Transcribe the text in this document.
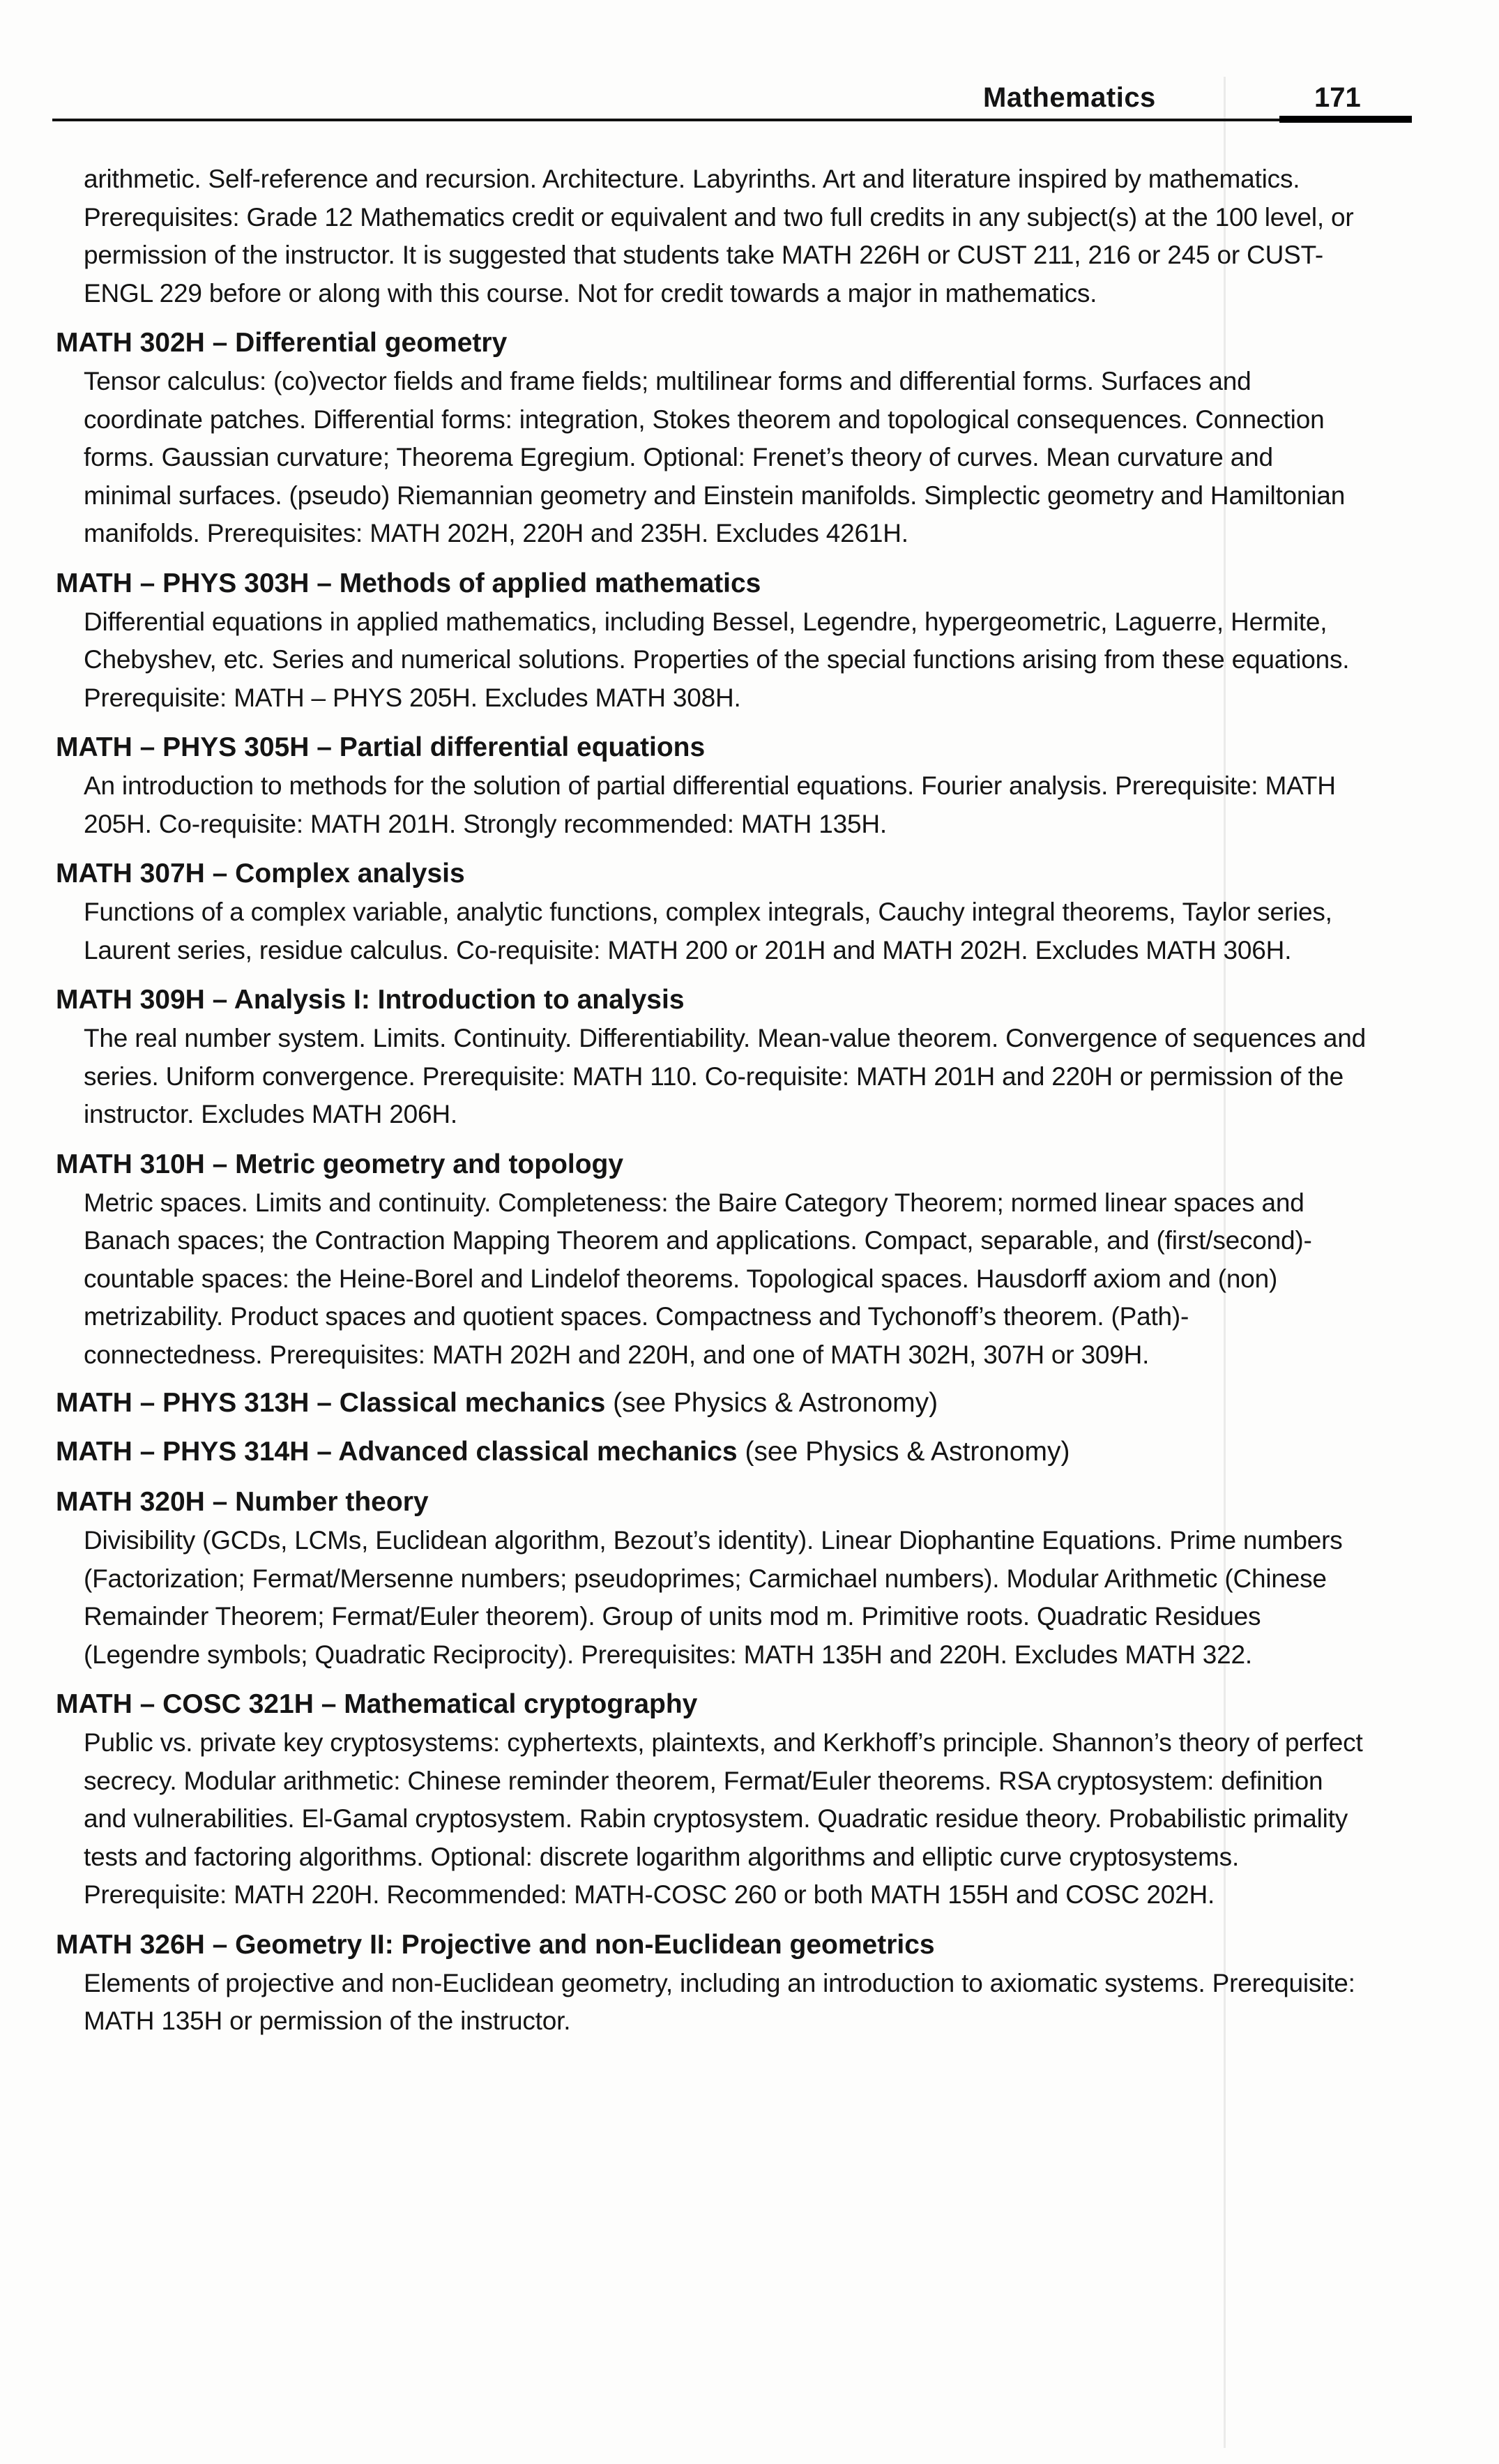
Mathematics	171

arithmetic. Self-reference and recursion. Architecture. Labyrinths. Art and literature inspired by mathematics. Prerequisites: Grade 12 Mathematics credit or equivalent and two full credits in any subject(s) at the 100 level, or permission of the instructor. It is suggested that students take MATH 226H or CUST 211, 216 or 245 or CUST-ENGL 229 before or along with this course. Not for credit towards a major in mathematics.

MATH 302H – Differential geometry

Tensor calculus: (co)vector fields and frame fields; multilinear forms and differential forms. Surfaces and coordinate patches. Differential forms: integration, Stokes theorem and topological consequences. Connection forms. Gaussian curvature; Theorema Egregium. Optional: Frenet’s theory of curves. Mean curvature and minimal surfaces. (pseudo) Riemannian geometry and Einstein manifolds. Simplectic geometry and Hamiltonian manifolds. Prerequisites: MATH 202H, 220H and 235H. Excludes 4261H.

MATH – PHYS 303H – Methods of applied mathematics

Differential equations in applied mathematics, including Bessel, Legendre, hypergeometric, Laguerre, Hermite, Chebyshev, etc. Series and numerical solutions. Properties of the special functions arising from these equations. Prerequisite: MATH – PHYS 205H. Excludes MATH 308H.

MATH – PHYS 305H – Partial differential equations

An introduction to methods for the solution of partial differential equations. Fourier analysis. Prerequisite: MATH 205H. Co-requisite: MATH 201H. Strongly recommended: MATH 135H.

MATH 307H – Complex analysis

Functions of a complex variable, analytic functions, complex integrals, Cauchy integral theorems, Taylor series, Laurent series, residue calculus. Co-requisite: MATH 200 or 201H and MATH 202H. Excludes MATH 306H.

MATH 309H – Analysis I: Introduction to analysis

The real number system. Limits. Continuity. Differentiability. Mean-value theorem. Convergence of sequences and series. Uniform convergence. Prerequisite: MATH 110. Co-requisite: MATH 201H and 220H or permission of the instructor. Excludes MATH 206H.

MATH 310H – Metric geometry and topology

Metric spaces. Limits and continuity. Completeness: the Baire Category Theorem; normed linear spaces and Banach spaces; the Contraction Mapping Theorem and applications. Compact, separable, and (first/second)-countable spaces: the Heine-Borel and Lindelof theorems. Topological spaces. Hausdorff axiom and (non) metrizability. Product spaces and quotient spaces. Compactness and Tychonoff’s theorem. (Path)-connectedness. Prerequisites: MATH 202H and 220H, and one of MATH 302H, 307H or 309H.

MATH – PHYS 313H – Classical mechanics (see Physics & Astronomy)

MATH – PHYS 314H – Advanced classical mechanics (see Physics & Astronomy)

MATH 320H – Number theory

Divisibility (GCDs, LCMs, Euclidean algorithm, Bezout’s identity). Linear Diophantine Equations. Prime numbers (Factorization; Fermat/Mersenne numbers; pseudoprimes; Carmichael numbers). Modular Arithmetic (Chinese Remainder Theorem; Fermat/Euler theorem). Group of units mod m. Primitive roots. Quadratic Residues (Legendre symbols; Quadratic Reciprocity). Prerequisites: MATH 135H and 220H. Excludes MATH 322.

MATH – COSC 321H – Mathematical cryptography

Public vs. private key cryptosystems: cyphertexts, plaintexts, and Kerkhoff’s principle. Shannon’s theory of perfect secrecy. Modular arithmetic: Chinese reminder theorem, Fermat/Euler theorems. RSA cryptosystem: definition and vulnerabilities. El-Gamal cryptosystem. Rabin cryptosystem. Quadratic residue theory. Probabilistic primality tests and factoring algorithms. Optional: discrete logarithm algorithms and elliptic curve cryptosystems. Prerequisite: MATH 220H. Recommended: MATH-COSC 260 or both MATH 155H and COSC 202H.

MATH 326H – Geometry II: Projective and non-Euclidean geometrics

Elements of projective and non-Euclidean geometry, including an introduction to axiomatic systems. Prerequisite: MATH 135H or permission of the instructor.
